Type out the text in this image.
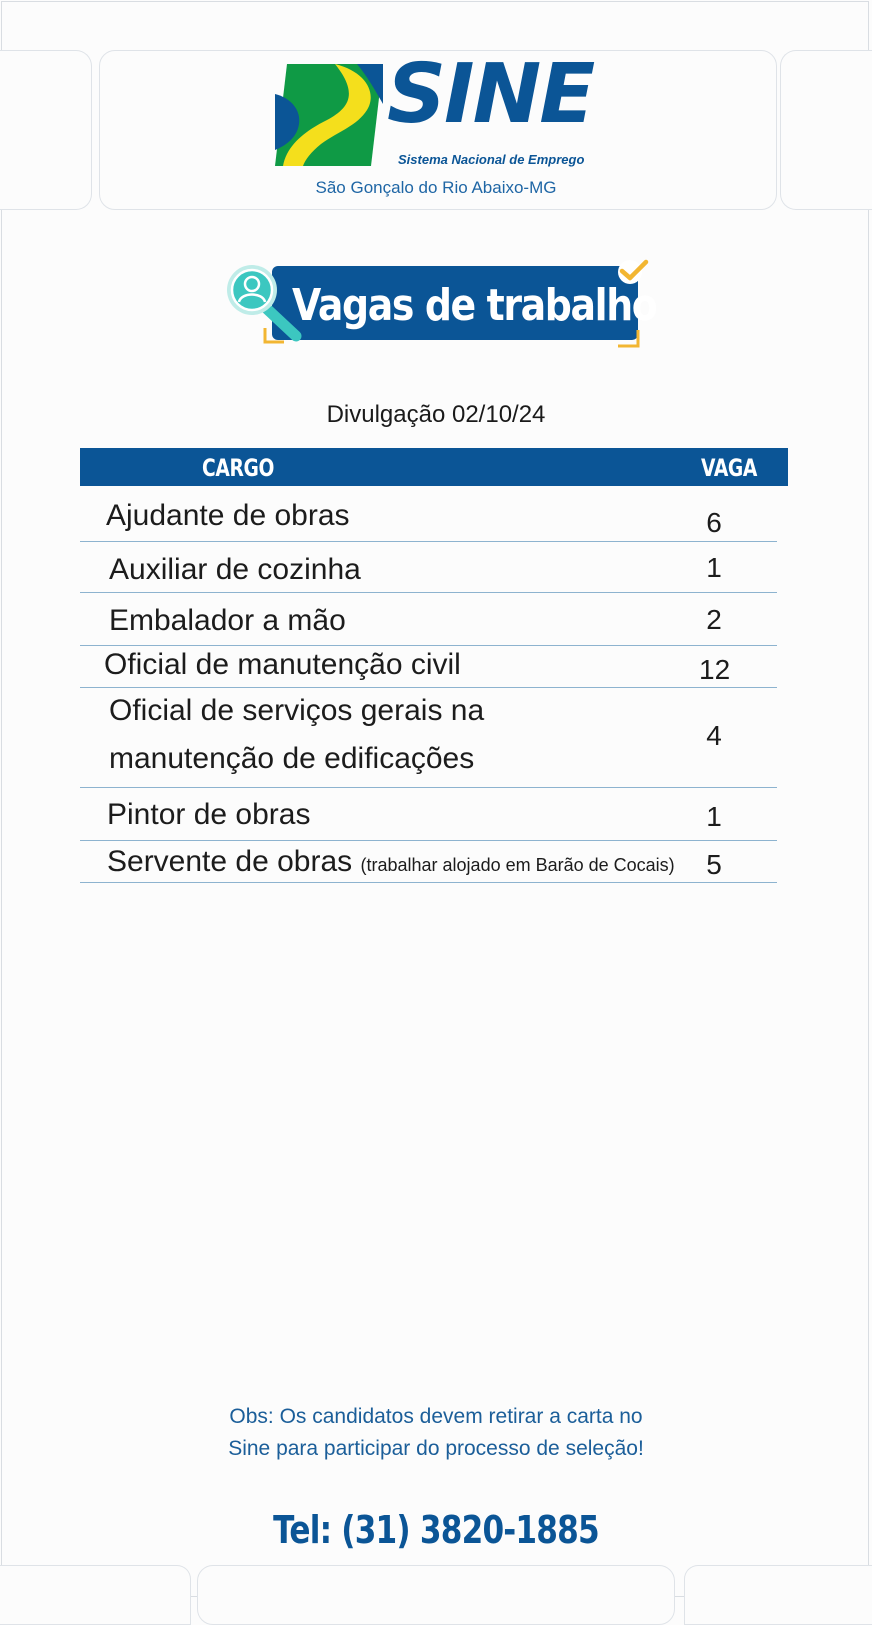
SINE
Sistema Nacional de Emprego
São Gonçalo do Rio Abaixo-MG
Vagas de trabalho
Divulgação 02/10/24
CARGO	VAGA
Ajudante de obras	6
Auxiliar de cozinha	1
Embalador a mão	2
Oficial de manutenção civil	12
Oficial de serviços gerais na
manutenção de edificações
4
Pintor de obras	1
Servente de obras (trabalhar alojado em Barão de Cocais) 5
Obs: Os candidatos devem retirar a carta no
Sine para participar do processo de seleção!
Tel: (31) 3820-1885
